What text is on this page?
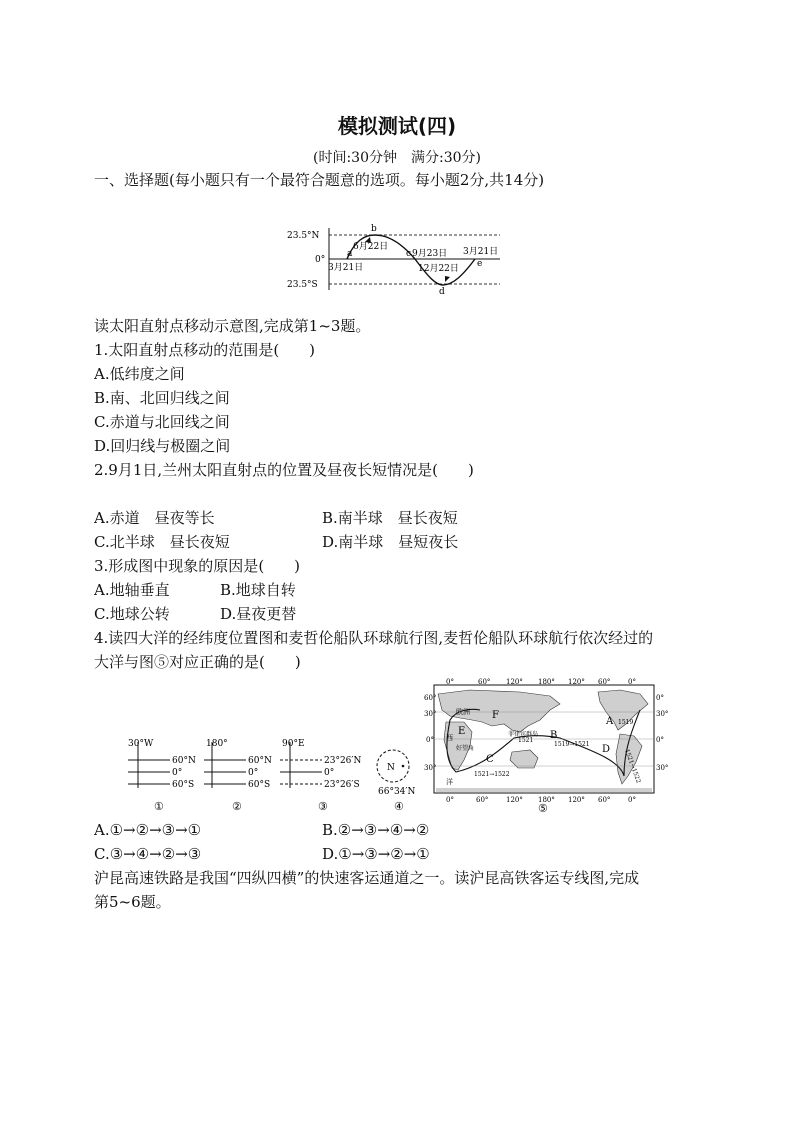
模拟测试(四)
(时间:30分钟　满分:30分)
一、选择题(每小题只有一个最符合题意的选项。每小题2分,共14分)
23.5°N
0°
23.5°S
a
b
c
d
e
3月21日
6月22日
9月23日
12月22日
3月21日
读太阳直射点移动示意图,完成第1~3题。
1.太阳直射点移动的范围是(　　)
A.低纬度之间
B.南、北回归线之间
C.赤道与北回线之间
D.回归线与极圈之间
2.9月1日,兰州太阳直射点的位置及昼夜长短情况是(　　)
A.赤道　昼夜等长	B.南半球　昼长夜短
C.北半球　昼长夜短	D.南半球　昼短夜长
3.形成图中现象的原因是(　　)
A.地轴垂直	B.地球自转
C.地球公转	D.昼夜更替
4.读四大洋的经纬度位置图和麦哲伦船队环球航行图,麦哲伦船队环球航行依次经过的
大洋与图⑤对应正确的是(　　)
30°W
60°N
0°
60°S
①
180°
60°N
0°
60°S
②
90°E
23°26′N
0°
23°26′S
③
N
66°34′N
④
0°	60° 120° 180° 120° 60°	0°
60°
30°
0°
30°
0°
30°
0°
30°
0°	60°	120° 180° 120° 60°	0°
A
B
C
D
E
F
1519
1521
1519→1521
1521→1522	1521→1522
欧洲
菲律宾群岛
好望角
西
洋
⑤
A.①→②→③→①	B.②→③→④→②
C.③→④→②→③	D.①→③→②→①
沪昆高速铁路是我国“四纵四横”的快速客运通道之一。读沪昆高铁客运专线图,完成
第5~6题。
